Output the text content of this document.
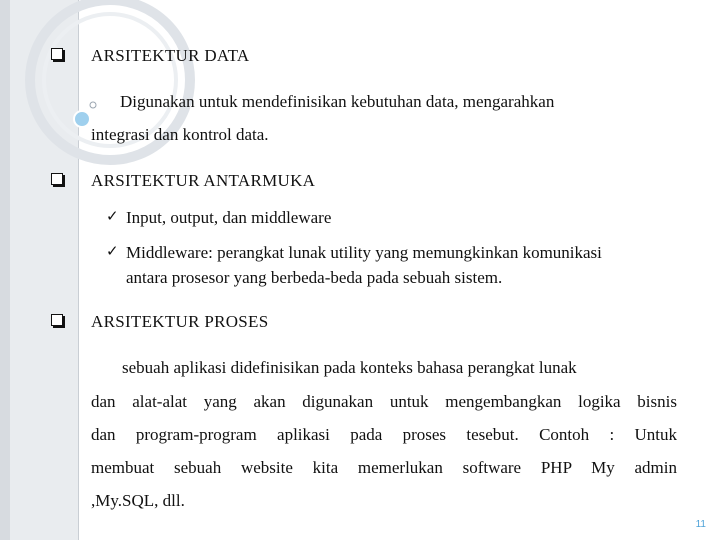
ARSITEKTUR DATA
Digunakan untuk mendefinisikan kebutuhan data, mengarahkan
integrasi dan kontrol data.
ARSITEKTUR ANTARMUKA
✓ Input, output, dan middleware
✓ Middleware: perangkat lunak utility yang memungkinkan komunikasi
antara prosesor yang berbeda-beda pada sebuah sistem.
ARSITEKTUR PROSES
sebuah aplikasi didefinisikan pada konteks bahasa perangkat lunak
dan alat-alat yang akan digunakan untuk mengembangkan logika bisnis
dan program-program aplikasi pada proses tesebut. Contoh : Untuk
membuat sebuah website kita memerlukan software PHP My admin
,My.SQL, dll.
11
